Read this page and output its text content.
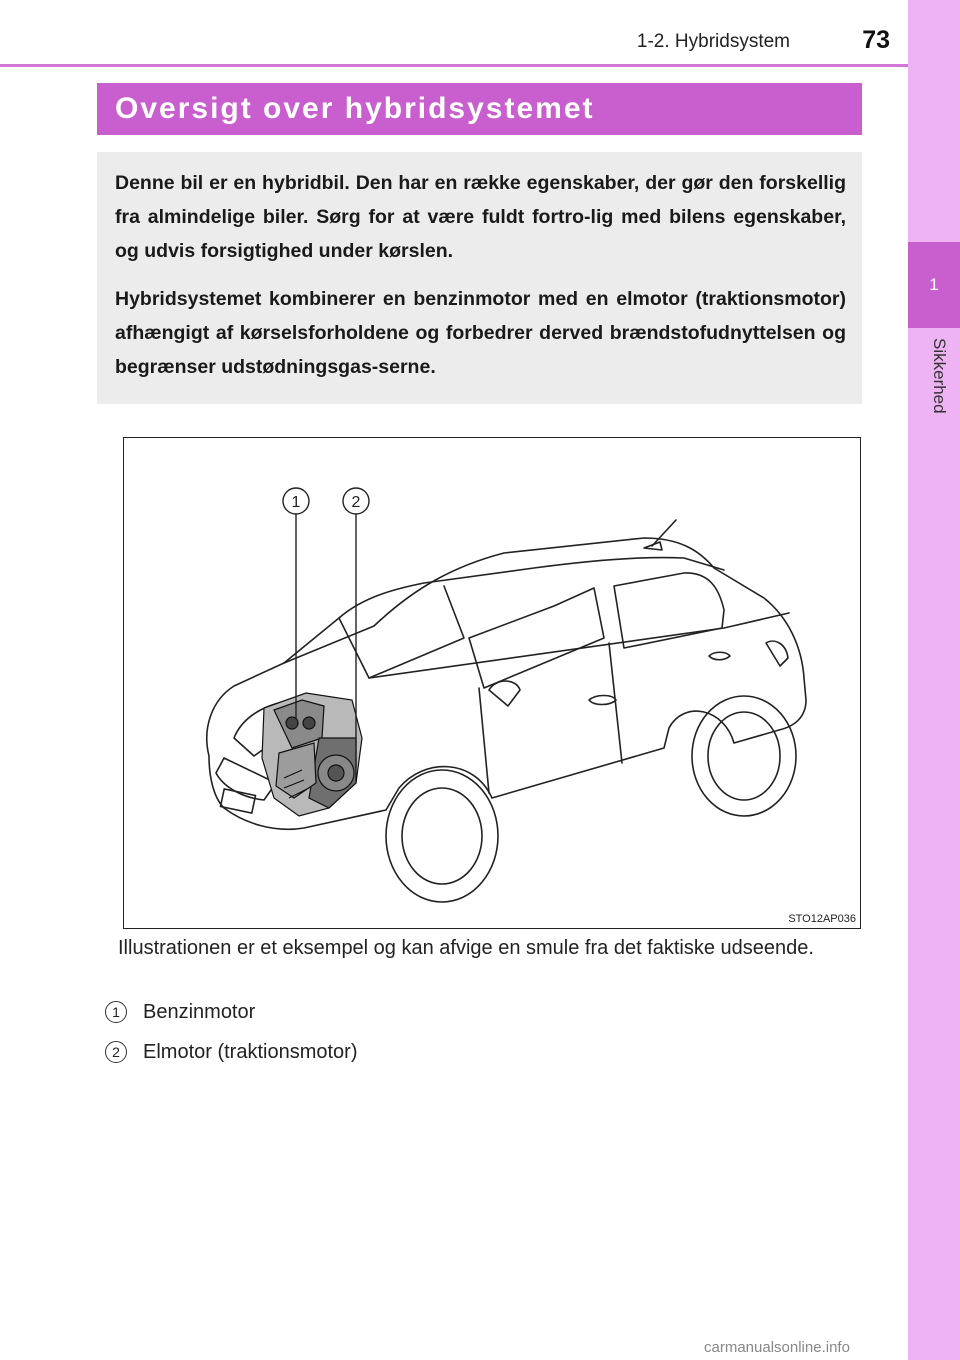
1
Sikkerhed
1-2. Hybridsystem	73
Oversigt over hybridsystemet

Denne bil er en hybridbil. Den har en række egenskaber, der gør den forskellig fra almindelige biler. Sørg for at være fuldt fortro-lig med bilens egenskaber, og udvis forsigtighed under kørslen.

Hybridsystemet kombinerer en benzinmotor med en elmotor (traktionsmotor) afhængigt af kørselsforholdene og forbedrer derved brændstofudnyttelsen og begrænser udstødningsgas-serne.

1	2
STO12AP036
Illustrationen er et eksempel og kan afvige en smule fra det faktiske udseende.
1	Benzinmotor
2	Elmotor (traktionsmotor)
carmanualsonline.info
